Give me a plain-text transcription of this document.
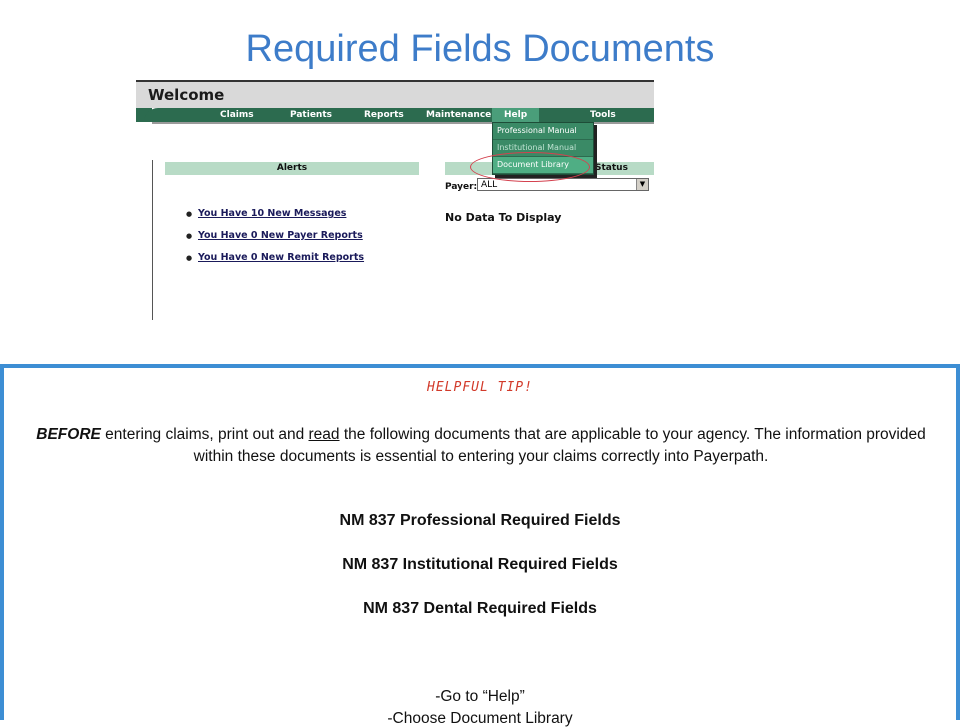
Required Fields Documents
Welcome
Claims	Patients	Reports Maintenance	Help	Tools
Professional Manual
Institutional Manual
Document Library
Alerts
● You Have 10 New Messages
● You Have 0 New Payer Reports
● You Have 0 New Remit Reports
Status
Payer: ALL	▼
No Data To Display
HELPFUL TIP!
BEFORE entering claims, print out and read the following documents that are applicable to your agency. The information provided within these documents is essential to entering your claims correctly into Payerpath.
NM 837 Professional Required Fields
NM 837 Institutional Required Fields
NM 837 Dental Required Fields
-Go to “Help”
-Choose Document Library
